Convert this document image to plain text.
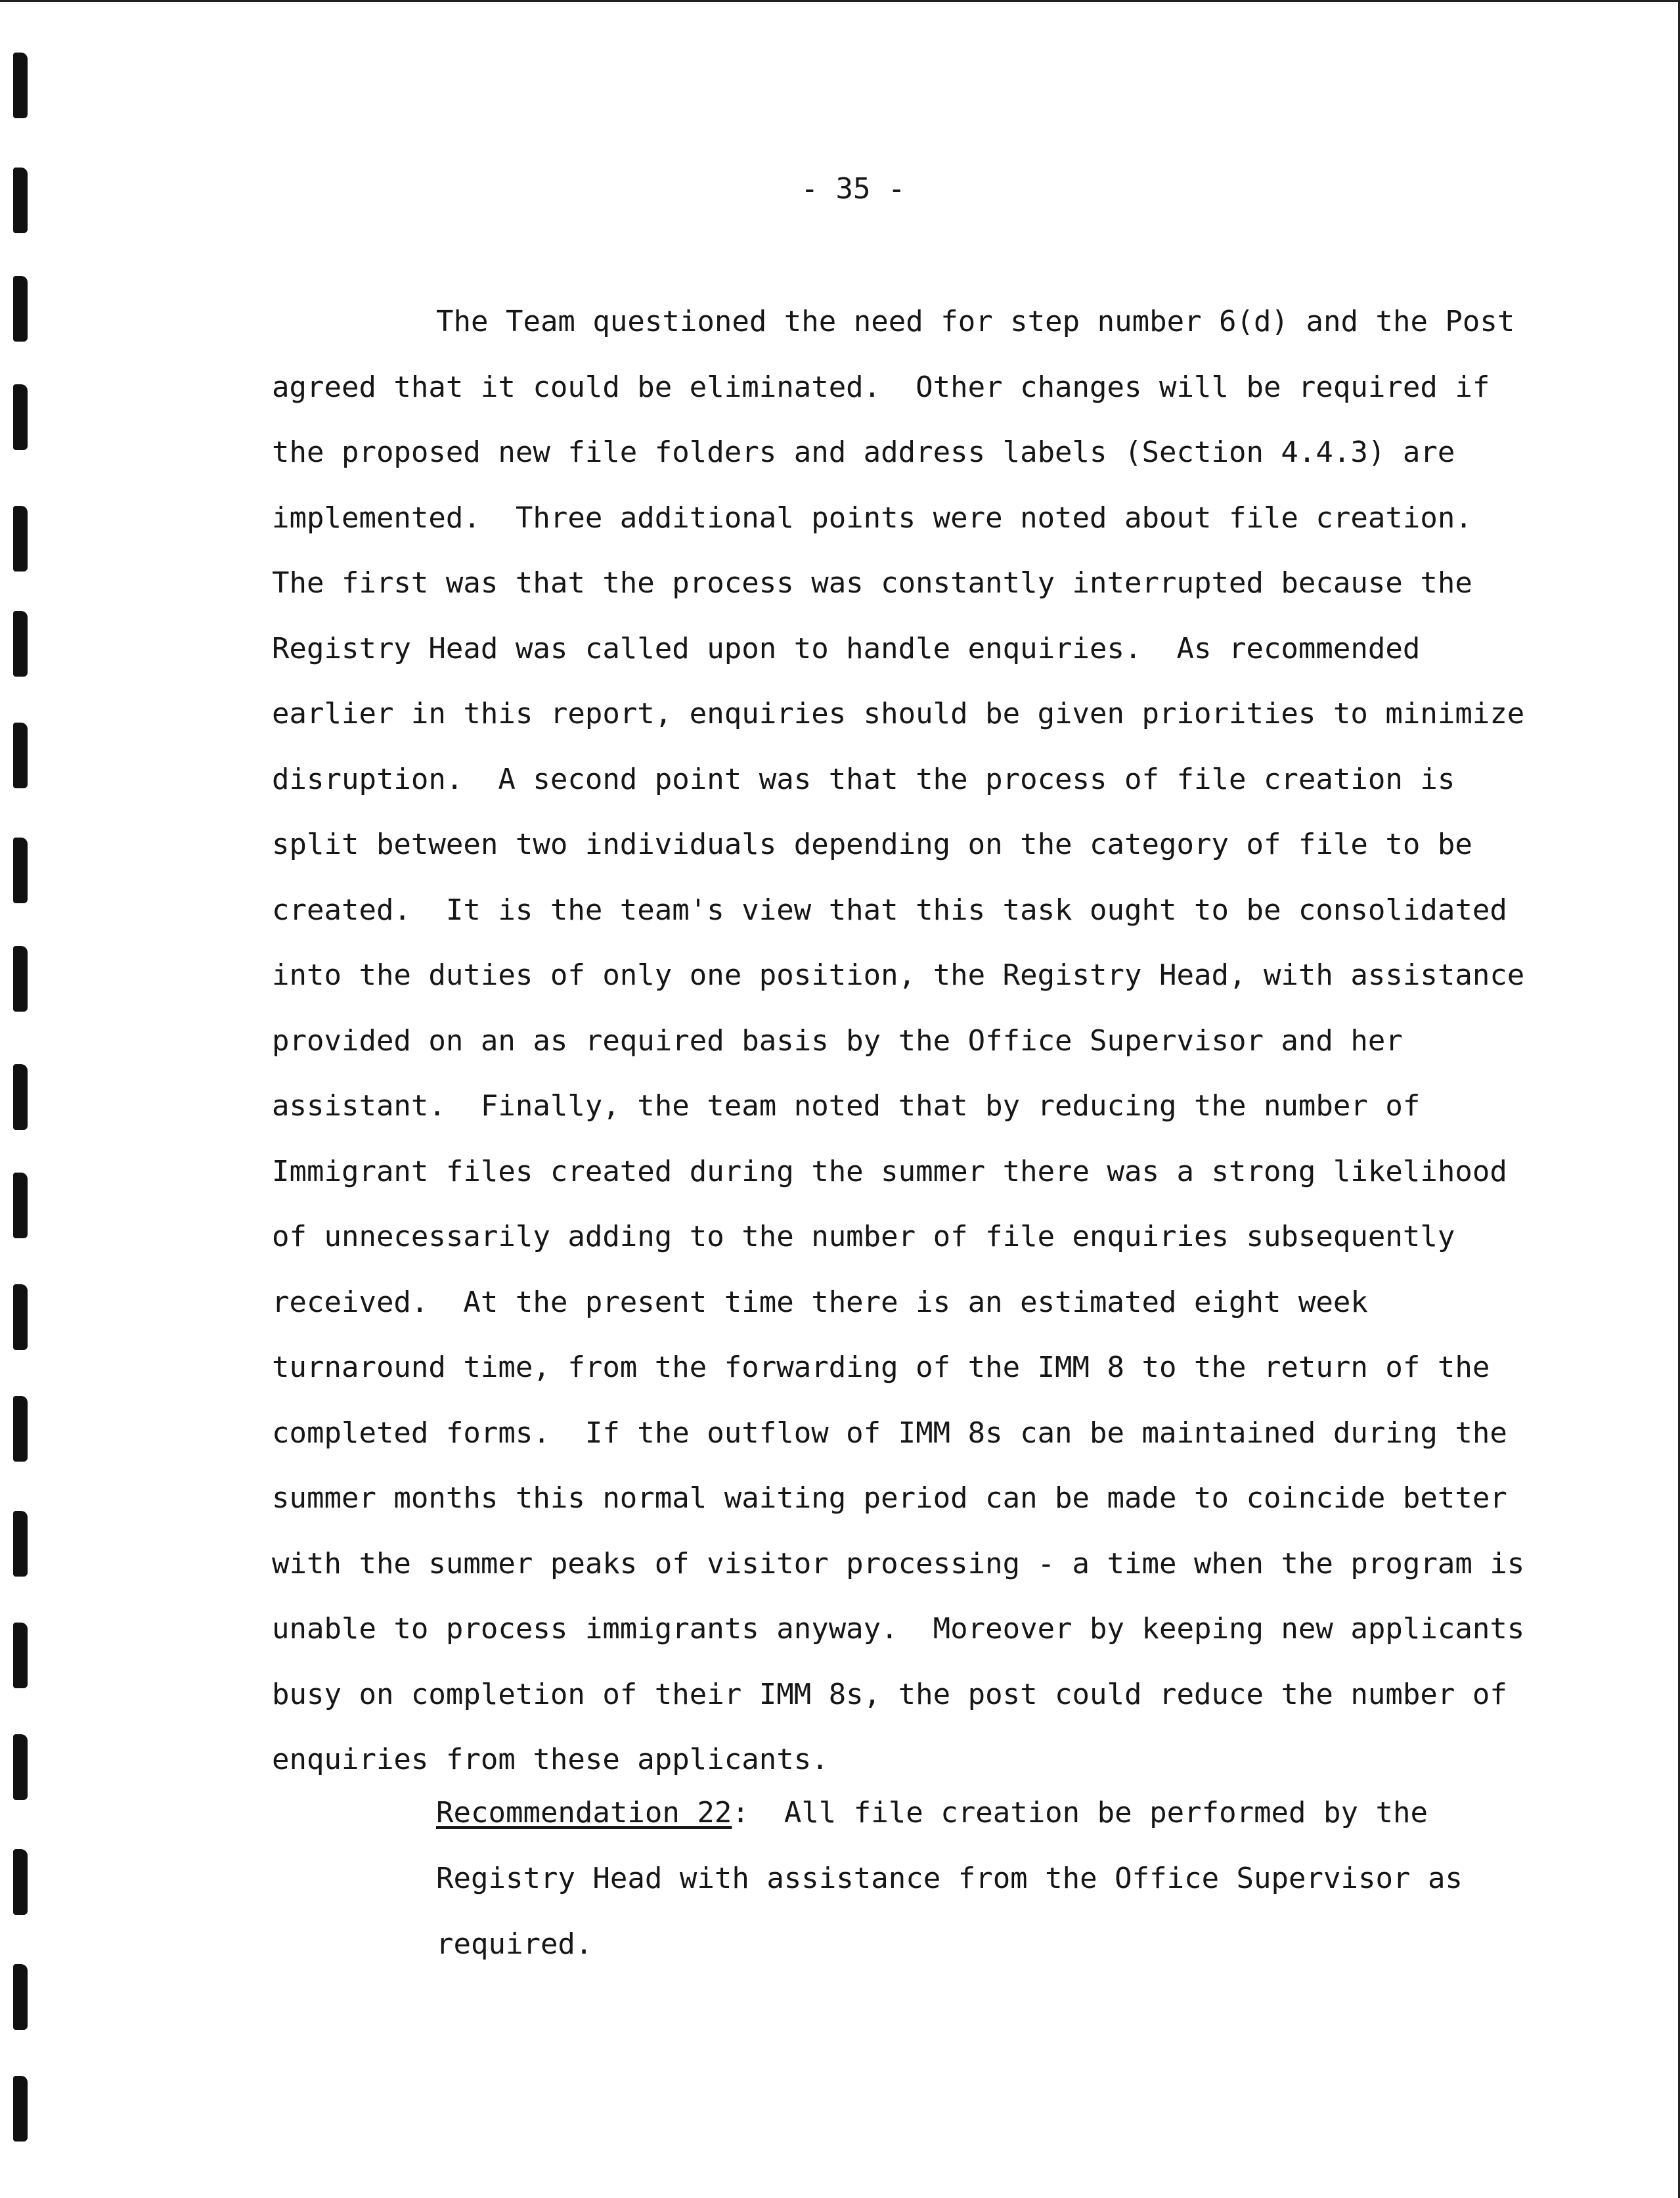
- 35 -
The Team questioned the need for step number 6(d) and the Post
agreed that it could be eliminated.  Other changes will be required if
the proposed new file folders and address labels (Section 4.4.3) are
implemented.  Three additional points were noted about file creation.
The first was that the process was constantly interrupted because the
Registry Head was called upon to handle enquiries.  As recommended
earlier in this report, enquiries should be given priorities to minimize
disruption.  A second point was that the process of file creation is
split between two individuals depending on the category of file to be
created.  It is the team's view that this task ought to be consolidated
into the duties of only one position, the Registry Head, with assistance
provided on an as required basis by the Office Supervisor and her
assistant.  Finally, the team noted that by reducing the number of
Immigrant files created during the summer there was a strong likelihood
of unnecessarily adding to the number of file enquiries subsequently
received.  At the present time there is an estimated eight week
turnaround time, from the forwarding of the IMM 8 to the return of the
completed forms.  If the outflow of IMM 8s can be maintained during the
summer months this normal waiting period can be made to coincide better
with the summer peaks of visitor processing - a time when the program is
unable to process immigrants anyway.  Moreover by keeping new applicants
busy on completion of their IMM 8s, the post could reduce the number of
enquiries from these applicants.
Recommendation 22:  All file creation be performed by the
Registry Head with assistance from the Office Supervisor as
required.
